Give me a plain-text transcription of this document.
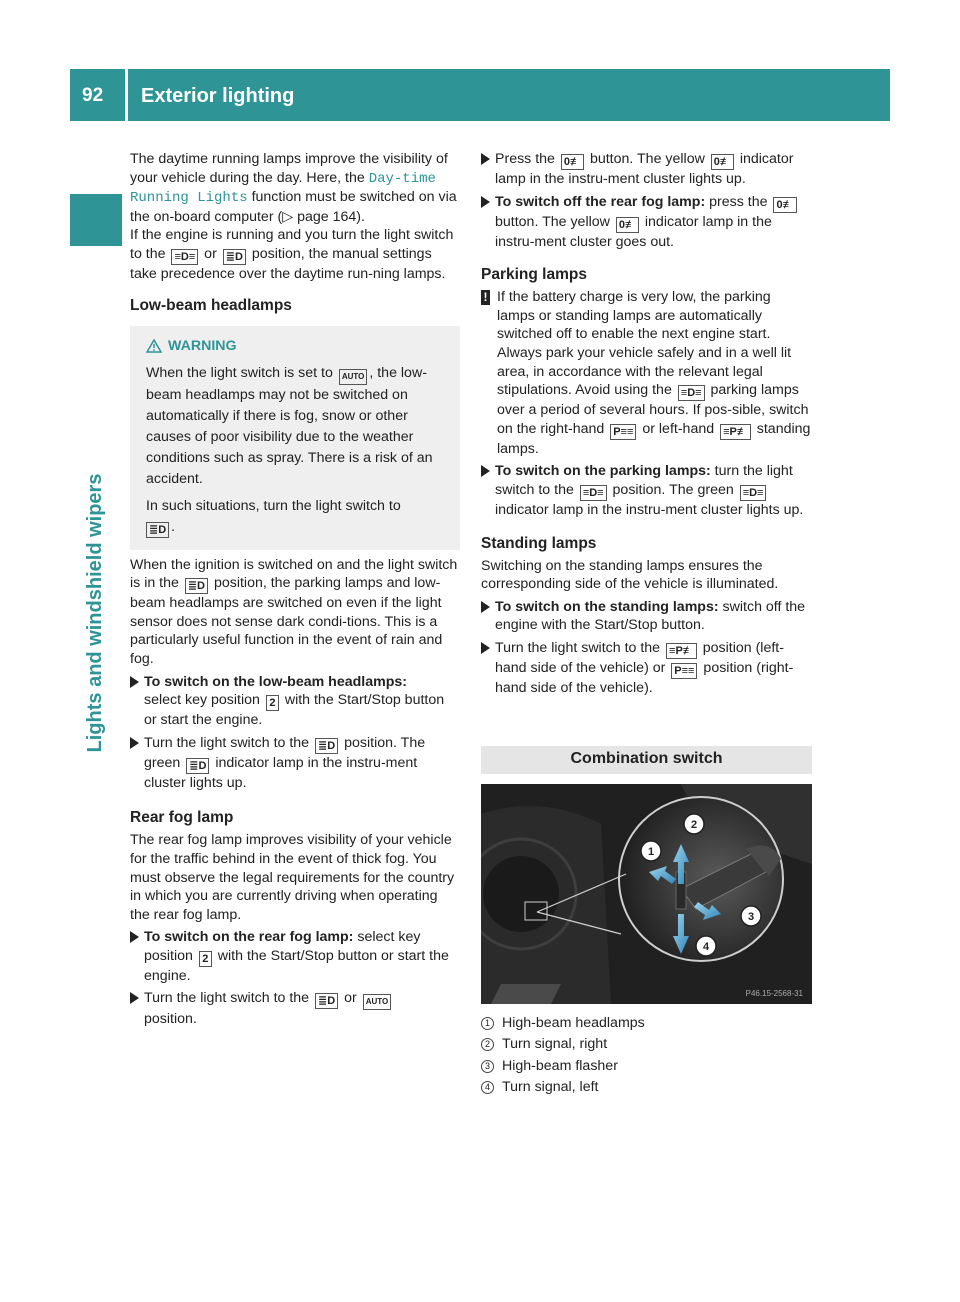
92 Exterior lighting
Lights and windshield wipers

The daytime running lamps improve the visibility of your vehicle during the day. Here, the Day‐time Running Lights function must be switched on via the on-board computer (▷ page 164).

If the engine is running and you turn the light switch to the ≡D≡ or ≣D position, the manual settings take precedence over the daytime run-ning lamps.

Low-beam headlamps
WARNING

When the light switch is set to AUTO , the low-beam headlamps may not be switched on automatically if there is fog, snow or other causes of poor visibility due to the weather conditions such as spray. There is a risk of an accident.

In such situations, turn the light switch to
≣D .

When the ignition is switched on and the light switch is in the ≣D position, the parking lamps and low-beam headlamps are switched on even if the light sensor does not sense dark condi-tions. This is a particularly useful function in the event of rain and fog.

To switch on the low-beam headlamps:
select key position 2 with the Start/Stop button or start the engine.
Turn the light switch to the ≣D position. The green ≣D indicator lamp in the instru-ment cluster lights up.
Rear fog lamp

The rear fog lamp improves visibility of your vehicle for the traffic behind in the event of thick fog. You must observe the legal requirements for the country in which you are currently driving when operating the rear fog lamp.

To switch on the rear fog lamp: select key position 2 with the Start/Stop button or start the engine.
Turn the light switch to the ≣D or AUTO
position.
Press the 0≢ button. The yellow 0≢ indicator lamp in the instru-ment cluster lights up.
To switch off the rear fog lamp: press the 0≢ button. The yellow 0≢ indicator lamp in the instru-ment cluster goes out.
Parking lamps
! If the battery charge is very low, the parking lamps or standing lamps are automatically switched off to enable the next engine start. Always park your vehicle safely and in a well lit area, in accordance with the relevant legal stipulations. Avoid using the ≡D≡ parking lamps over a period of several hours. If pos-sible, switch on the right-hand P≡≡ or left-hand ≡P≢ standing lamps.
To switch on the parking lamps: turn the light switch to the ≡D≡ position. The green ≡D≡ indicator lamp in the instru-ment cluster lights up.
Standing lamps

Switching on the standing lamps ensures the corresponding side of the vehicle is illuminated.

To switch on the standing lamps: switch off the engine with the Start/Stop button.
Turn the light switch to the ≡P≢ position (left-hand side of the vehicle) or P≡≡ position (right-hand side of the vehicle).
Combination switch
1
2
3
4
P46.15-2568-31
1 High-beam headlamps
2 Turn signal, right
3 High-beam flasher
4 Turn signal, left
